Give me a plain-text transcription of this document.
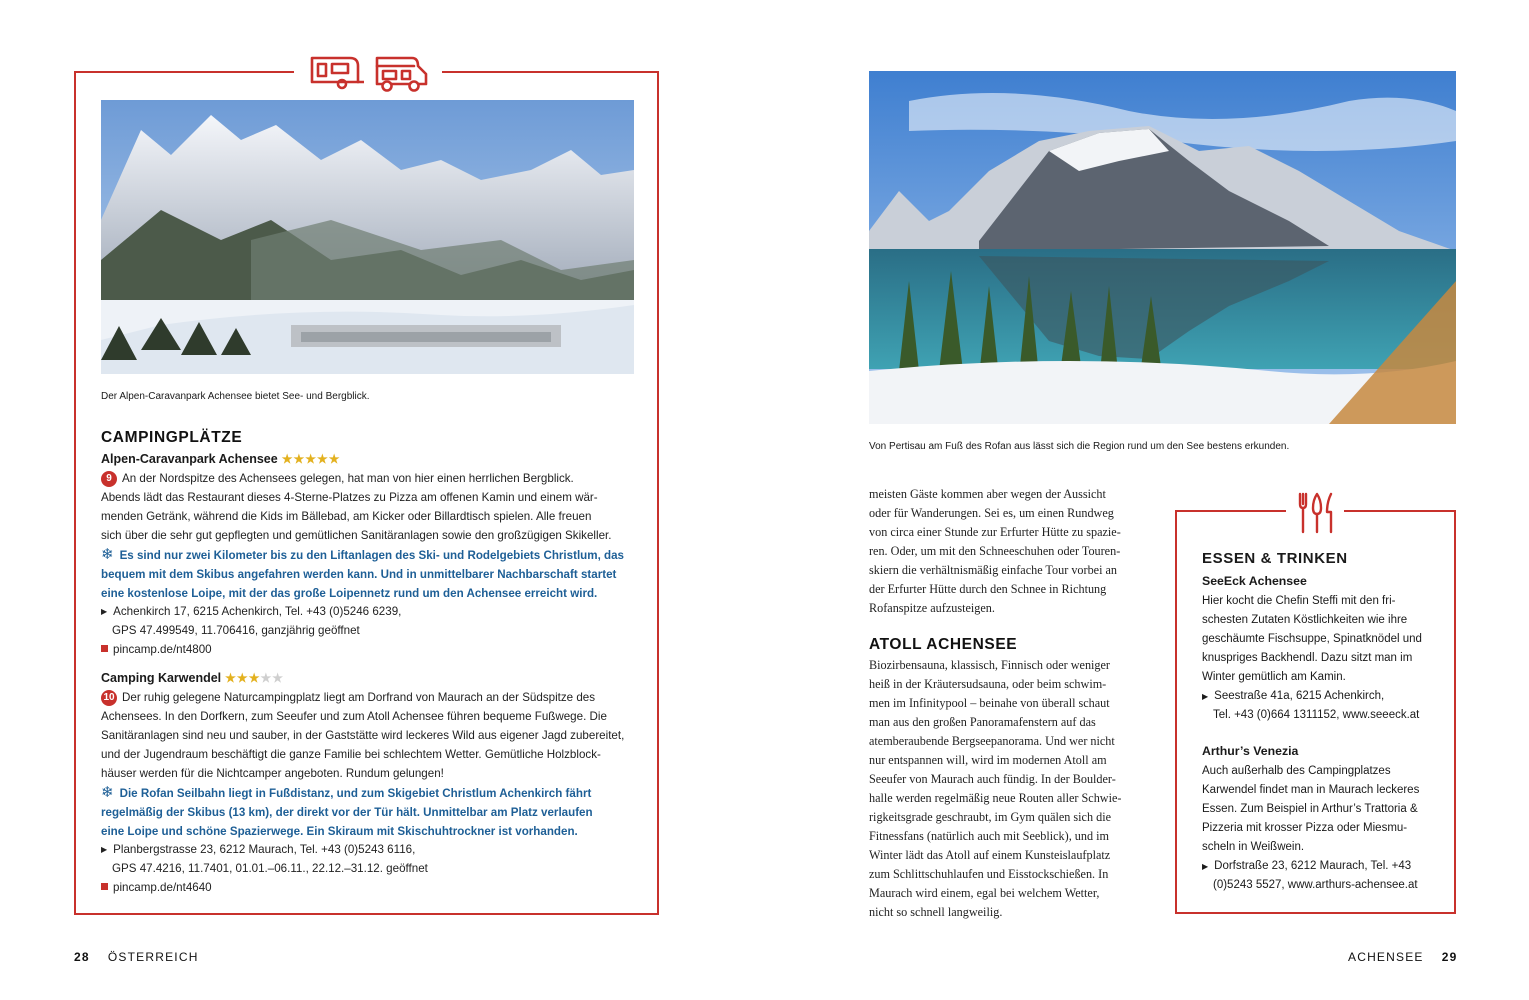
Der Alpen-Caravanpark Achensee bietet See- und Bergblick.
CAMPINGPLÄTZE
Alpen-Caravanpark Achensee ★★★★★
9 An der Nordspitze des Achensees gelegen, hat man von hier einen herrlichen Bergblick.
Abends lädt das Restaurant dieses 4-Sterne-Platzes zu Pizza am offenen Kamin und einem wär-
menden Getränk, während die Kids im Bällebad, am Kicker oder Billardtisch spielen. Alle freuen
sich über die sehr gut gepflegten und gemütlichen Sanitäranlagen sowie den großzügigen Skikeller.
❄ Es sind nur zwei Kilometer bis zu den Liftanlagen des Ski- und Rodelgebiets Christlum, das
bequem mit dem Skibus angefahren werden kann. Und in unmittelbarer Nachbarschaft startet
eine kostenlose Loipe, mit der das große Loipennetz rund um den Achensee erreicht wird.
▶ Achenkirch 17, 6215 Achenkirch, Tel. +43 (0)5246 6239,
GPS 47.499549, 11.706416, ganzjährig geöffnet
pincamp.de/nt4800
Camping Karwendel ★★★★★
10 Der ruhig gelegene Naturcampingplatz liegt am Dorfrand von Maurach an der Südspitze des
Achensees. In den Dorfkern, zum Seeufer und zum Atoll Achensee führen bequeme Fußwege. Die
Sanitäranlagen sind neu und sauber, in der Gaststätte wird leckeres Wild aus eigener Jagd zubereitet,
und der Jugendraum beschäftigt die ganze Familie bei schlechtem Wetter. Gemütliche Holzblock-
häuser werden für die Nichtcamper angeboten. Rundum gelungen!
❄ Die Rofan Seilbahn liegt in Fußdistanz, und zum Skigebiet Christlum Achenkirch fährt
regelmäßig der Skibus (13 km), der direkt vor der Tür hält. Unmittelbar am Platz verlaufen
eine Loipe und schöne Spazierwege. Ein Skiraum mit Skischuhtrockner ist vorhanden.
▶ Planbergstrasse 23, 6212 Maurach, Tel. +43 (0)5243 6116,
GPS 47.4216, 11.7401, 01.01.–06.11., 22.12.–31.12. geöffnet
pincamp.de/nt4640
28 ÖSTERREICH
Von Pertisau am Fuß des Rofan aus lässt sich die Region rund um den See bestens erkunden.

meisten Gäste kommen aber wegen der Aussicht

oder für Wanderungen. Sei es, um einen Rundweg

von circa einer Stunde zur Erfurter Hütte zu spazie-

ren. Oder, um mit den Schneeschuhen oder Touren-

skiern die verhältnismäßig einfache Tour vorbei an

der Erfurter Hütte durch den Schnee in Richtung

Rofanspitze aufzusteigen.

ATOLL ACHENSEE

Biozirbensauna, klassisch, Finnisch oder weniger

heiß in der Kräutersudsauna, oder beim schwim-

men im Infinitypool – beinahe von überall schaut

man aus den großen Panoramafenstern auf das

atemberaubende Bergseepanorama. Und wer nicht

nur entspannen will, wird im modernen Atoll am

Seeufer von Maurach auch fündig. In der Boulder-

halle werden regelmäßig neue Routen aller Schwie-

rigkeitsgrade geschraubt, im Gym quälen sich die

Fitnessfans (natürlich auch mit Seeblick), und im

Winter lädt das Atoll auf einem Kunsteislaufplatz

zum Schlittschuhlaufen und Eisstockschießen. In

Maurach wird einem, egal bei welchem Wetter,

nicht so schnell langweilig.

ESSEN & TRINKEN
SeeEck Achensee
Hier kocht die Chefin Steffi mit den fri-
schesten Zutaten Köstlichkeiten wie ihre
geschäumte Fischsuppe, Spinatknödel und
knuspriges Backhendl. Dazu sitzt man im
Winter gemütlich am Kamin.
▶ Seestraße 41a, 6215 Achenkirch,
Tel. +43 (0)664 1311152, www.seeeck.at
Arthur’s Venezia
Auch außerhalb des Campingplatzes
Karwendel findet man in Maurach leckeres
Essen. Zum Beispiel in Arthur’s Trattoria &
Pizzeria mit krosser Pizza oder Miesmu-
scheln in Weißwein.
▶ Dorfstraße 23, 6212 Maurach, Tel. +43
(0)5243 5527, www.arthurs-achensee.at
ACHENSEE 29
